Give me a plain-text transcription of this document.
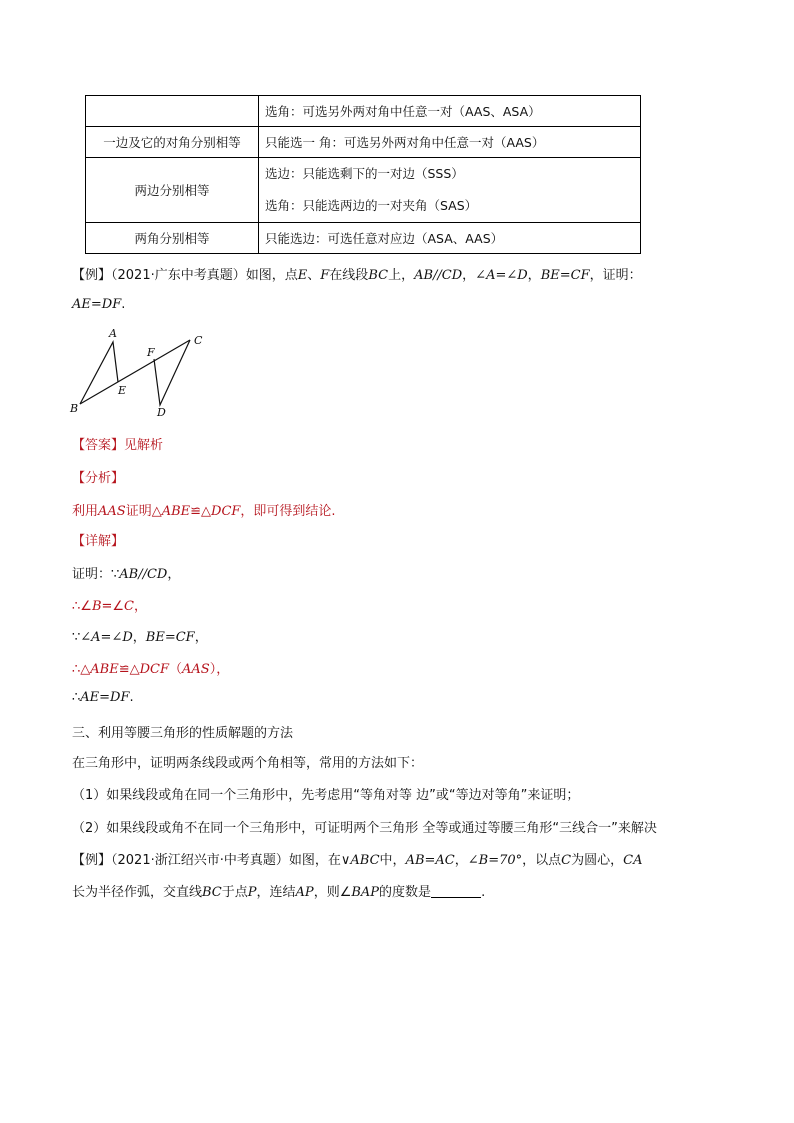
	选角：可选另外两对角中任意一对（AAS、ASA）
一边及它的对角分别相等	只能选一 角：可选另外两对角中任意一对（AAS）
两边分别相等	选边：只能选剩下的一对边（SSS）
选角：只能选两边的一对夹角（SAS）

两角分别相等	只能选边：可选任意对应边（ASA、AAS）
【例】（2021·广东中考真题）如图，点E、F在线段BC上，AB//CD，∠A=∠D，BE=CF，证明：
AE=DF.
A
B
C
D
E
F
【答案】见解析
【分析】
利用AAS证明△ABE≌△DCF，即可得到结论.
【详解】
证明：∵AB//CD，
∴∠B=∠C，
∵∠A=∠D，BE=CF，
∴△ABE≌△DCF（AAS），
∴AE=DF.
三、利用等腰三角形的性质解题的方法
在三角形中，证明两条线段或两个角相等，常用的方法如下：
（1）如果线段或角在同一个三角形中，先考虑用“等角对等 边”或“等边对等角”来证明；
（2）如果线段或角不在同一个三角形中，可证明两个三角形 全等或通过等腰三角形“三线合一”来解决
【例】（2021·浙江绍兴市·中考真题）如图，在∨ABC中，AB=AC，∠B=70°，以点C为圆心，CA
长为半径作弧，交直线BC于点P，连结AP，则∠BAP的度数是	.
